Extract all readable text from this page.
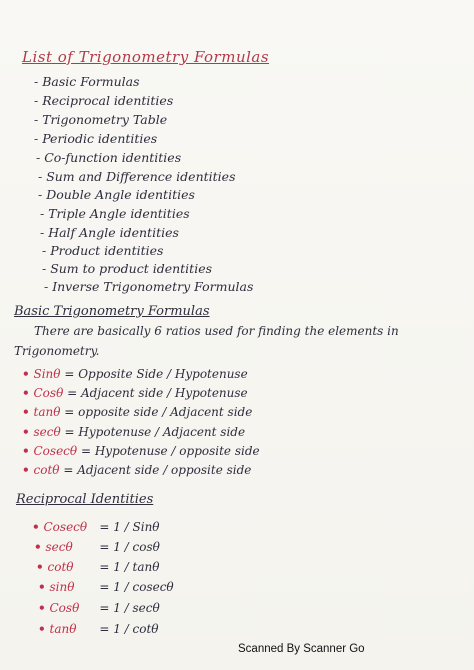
List of Trigonometry Formulas
- Basic Formulas
- Reciprocal identities
- Trigonometry Table
- Periodic identities
- Co-function identities
- Sum and Difference identities
- Double Angle identities
- Triple Angle identities
- Half Angle identities
- Product identities
- Sum to product identities
- Inverse Trigonometry Formulas
Basic Trigonometry Formulas
There are basically 6 ratios used for finding the elements in
Trigonometry.
• Sinθ = Opposite Side / Hypotenuse
• Cosθ = Adjacent side / Hypotenuse
• tanθ = opposite side / Adjacent side
• secθ = Hypotenuse / Adjacent side
• Cosecθ = Hypotenuse / opposite side
• cotθ = Adjacent side / opposite side
Reciprocal Identities
• Cosecθ = 1 / Sinθ
• secθ = 1 / cosθ
• cotθ = 1 / tanθ
• sinθ = 1 / cosecθ
• Cosθ = 1 / secθ
• tanθ = 1 / cotθ
Scanned By Scanner Go
